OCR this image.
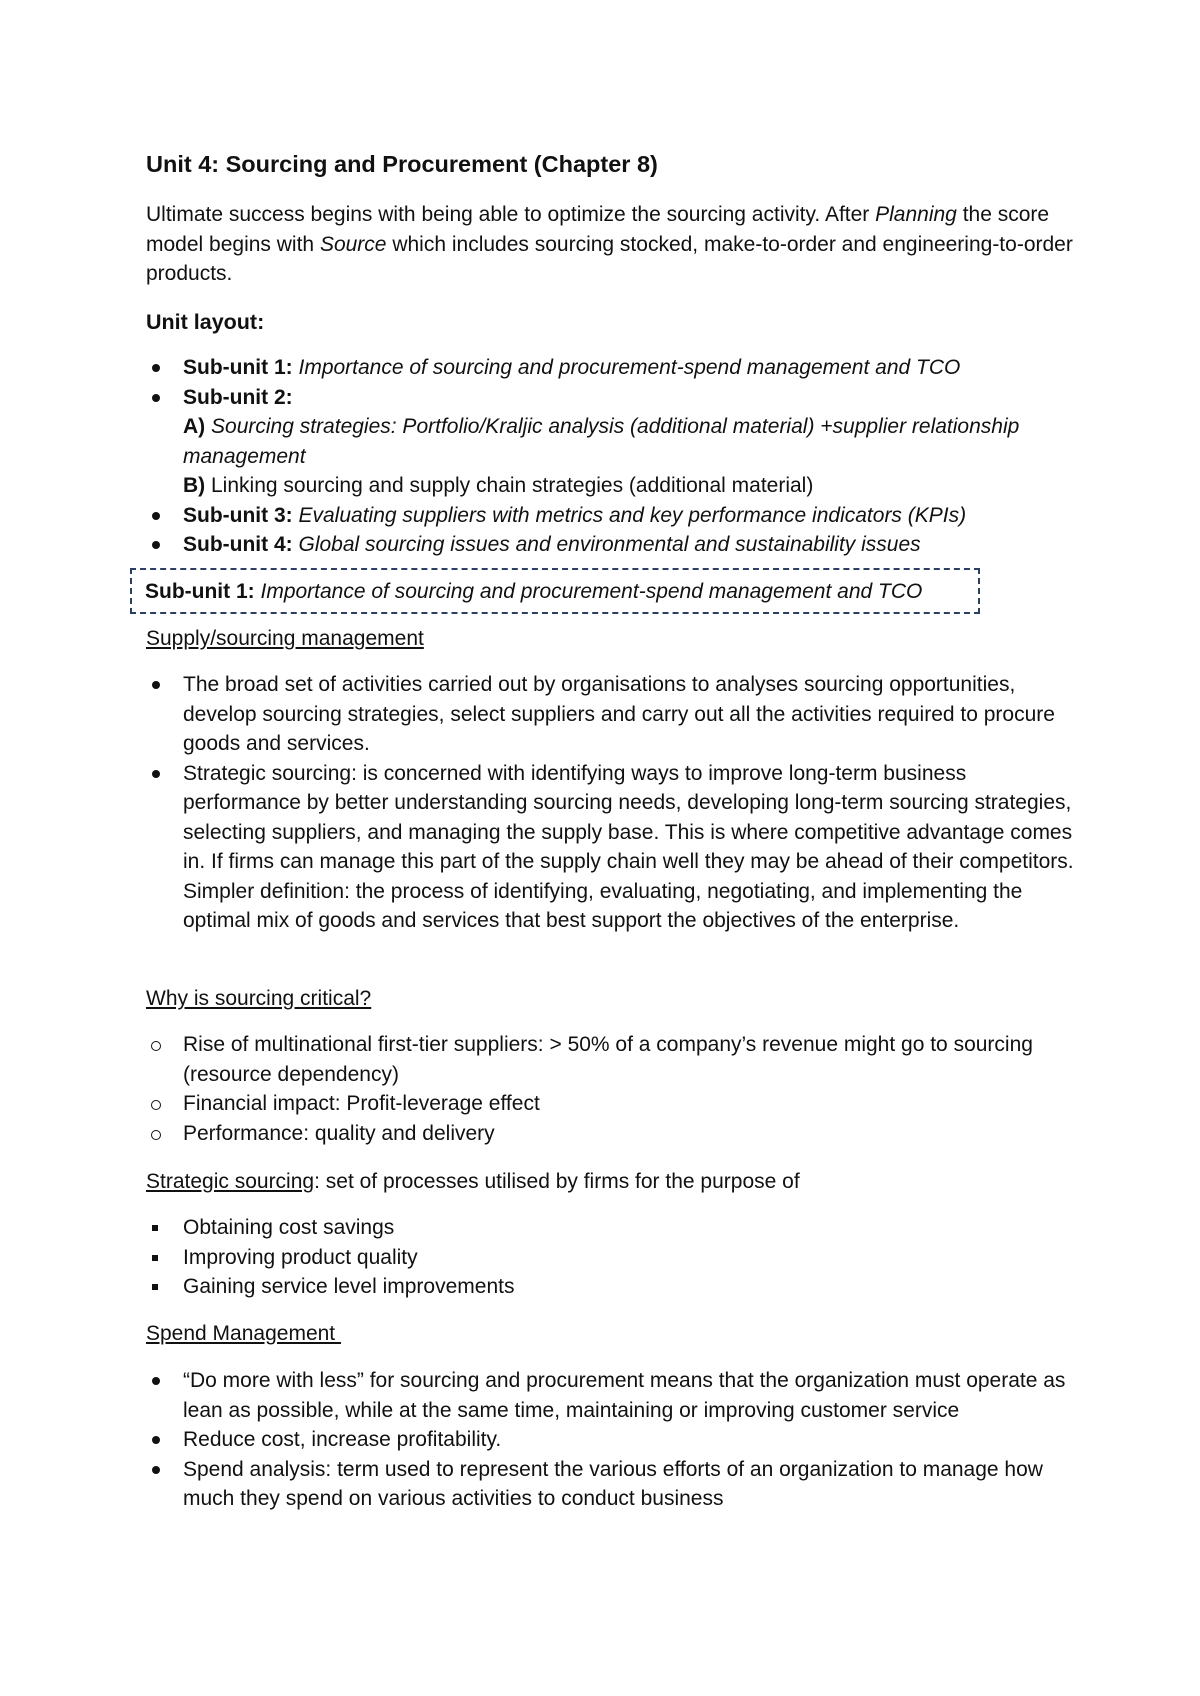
Unit 4: Sourcing and Procurement (Chapter 8)

Ultimate success begins with being able to optimize the sourcing activity. After Planning the score model begins with Source which includes sourcing stocked, make-to-order and engineering-to-order products.

Unit layout:
Sub-unit 1: Importance of sourcing and procurement-spend management and TCO
Sub-unit 2:
A) Sourcing strategies: Portfolio/Kraljic analysis (additional material) +supplier relationship management
B) Linking sourcing and supply chain strategies (additional material)
Sub-unit 3: Evaluating suppliers with metrics and key performance indicators (KPIs)
Sub-unit 4: Global sourcing issues and environmental and sustainability issues
Sub-unit 1: Importance of sourcing and procurement-spend management and TCO
Supply/sourcing management
The broad set of activities carried out by organisations to analyses sourcing opportunities, develop sourcing strategies, select suppliers and carry out all the activities required to procure goods and services.
Strategic sourcing: is concerned with identifying ways to improve long-term business performance by better understanding sourcing needs, developing long-term sourcing strategies, selecting suppliers, and managing the supply base. This is where competitive advantage comes in. If firms can manage this part of the supply chain well they may be ahead of their competitors.
Simpler definition: the process of identifying, evaluating, negotiating, and implementing the optimal mix of goods and services that best support the objectives of the enterprise.
Why is sourcing critical?
Rise of multinational first-tier suppliers: > 50% of a company’s revenue might go to sourcing (resource dependency)
Financial impact: Profit-leverage effect
Performance: quality and delivery
Strategic sourcing: set of processes utilised by firms for the purpose of
Obtaining cost savings
Improving product quality
Gaining service level improvements
Spend Management
“Do more with less” for sourcing and procurement means that the organization must operate as lean as possible, while at the same time, maintaining or improving customer service
Reduce cost, increase profitability.
Spend analysis: term used to represent the various efforts of an organization to manage how much they spend on various activities to conduct business
